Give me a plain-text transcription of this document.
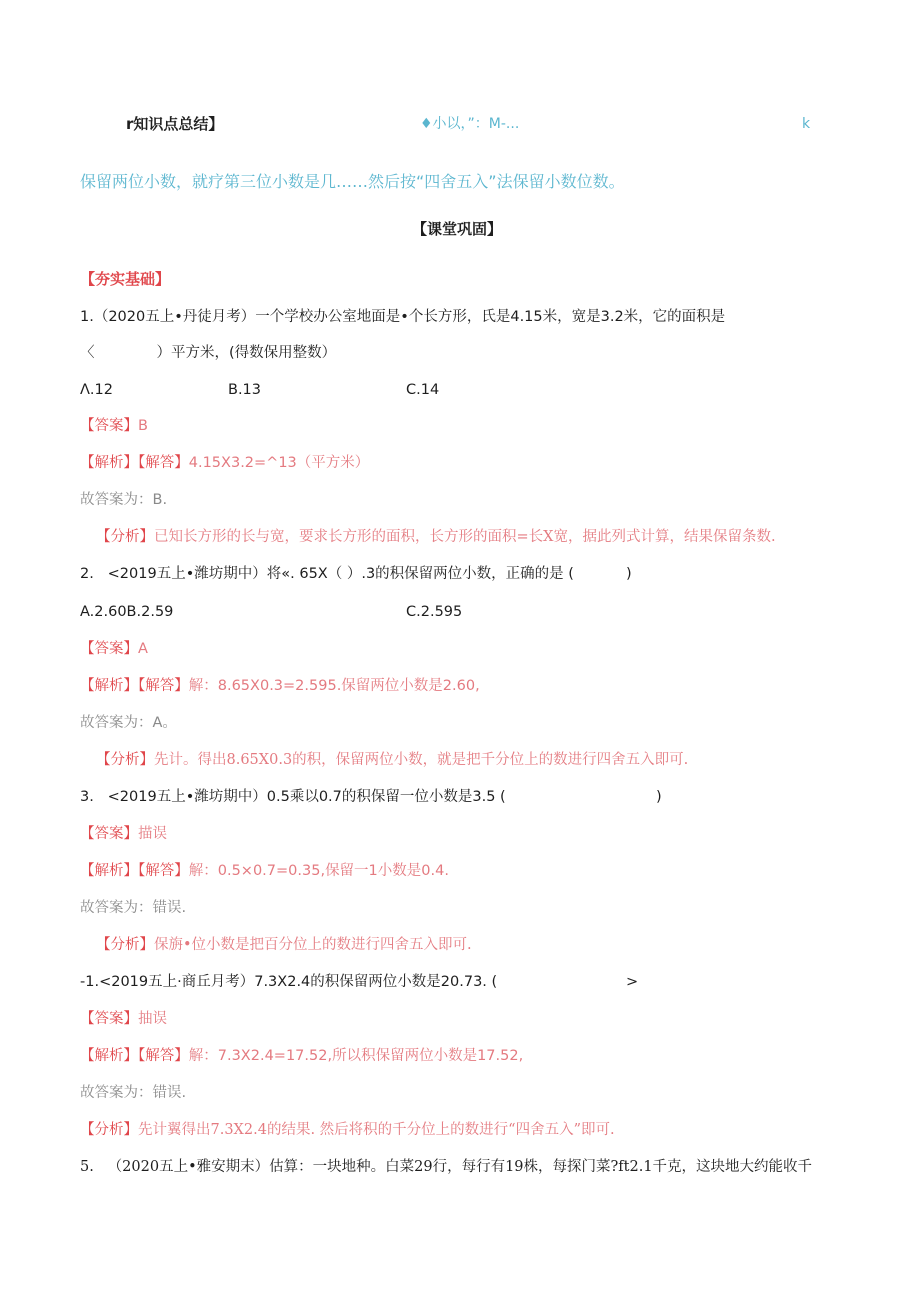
r知识点总结】	♦小以，”：M-...	k
保留两位小数，就疗第三位小数是几……然后按“四舍五入”法保留小数位数。
【课堂巩固】
【夯实基础】
1.（2020五上•丹徒月考）一个学校办公室地面是•个长方形，氏是4.15米，宽是3.2米，它的面积是
〈	）平方米，(得数保用整数）
Λ.12	B.13	C.14
【答案】B
【解析】【解答】4.15X3.2=^13（平方米）
故答案为：B.
【分析】已知长方形的长与宽，要求长方形的面积，长方形的面积=长X宽，据此列式计算，结果保留条数.
2.   <2019五上•潍坊期中）将«. 65X（ ）.3的积保留两位小数，正确的是 (	)
A.2.60B.2.59	C.2.595
【答案】A
【解析】【解答】解：8.65X0.3=2.595.保留两位小数是2.60,
故答案为：A。
【分析】先计。得出8.65X0.3的积，保留两位小数，就是把千分位上的数进行四舍五入即可.
3.   <2019五上•潍坊期中）0.5乘以0.7的积保留一位小数是3.5 (	)
【答案】描误
【解析】【解答】解：0.5×0.7=0.35,保留一1小数是0.4.
故答案为：错误.
【分析】保旃•位小数是把百分位上的数进行四舍五入即可.
-1.<2019五上·商丘月考）7.3X2.4的积保留两位小数是20.73. (	>
【答案】抽误
【解析】【解答】解：7.3X2.4=17.52,所以积保留两位小数是17.52,
故答案为：错误.
【分析】先计翼得出7.3X2.4的结果. 然后将积的千分位上的数进行“四舍五入”即可.
5.   （2020五上•雅安期末）估算：一块地种。白菜29行，每行有19株，每探门菜?ft2.1千克，这块地大约能收千
